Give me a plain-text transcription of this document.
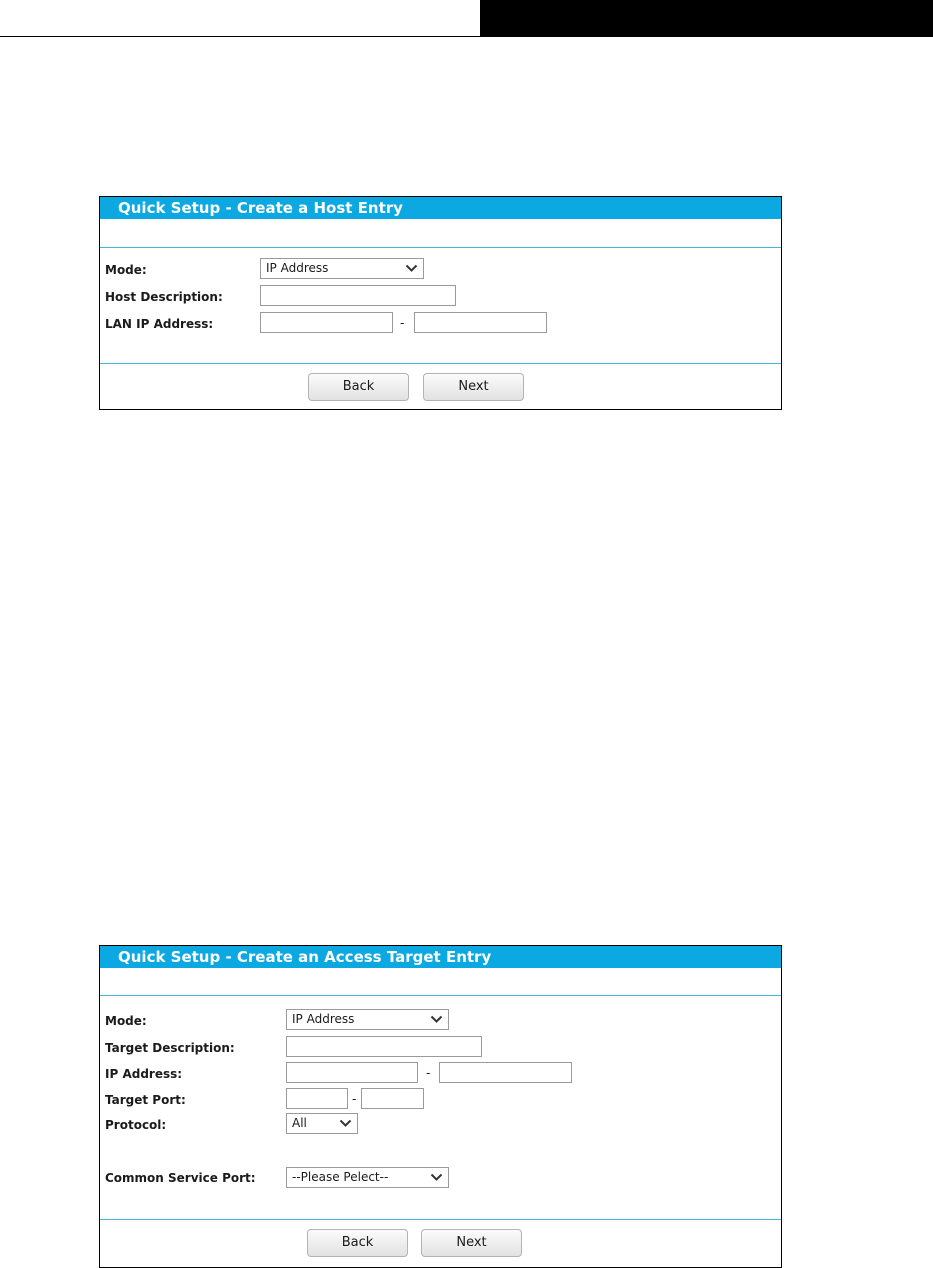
Quick Setup - Create a Host Entry
Mode:	IP Address
Host Description:
LAN IP Address:	-
Back	Next
Quick Setup - Create an Access Target Entry
Mode:	IP Address
Target Description:
IP Address:	-
Target Port:	-
Protocol:	All
Common Service Port:	--Please Pelect--
Back	Next
